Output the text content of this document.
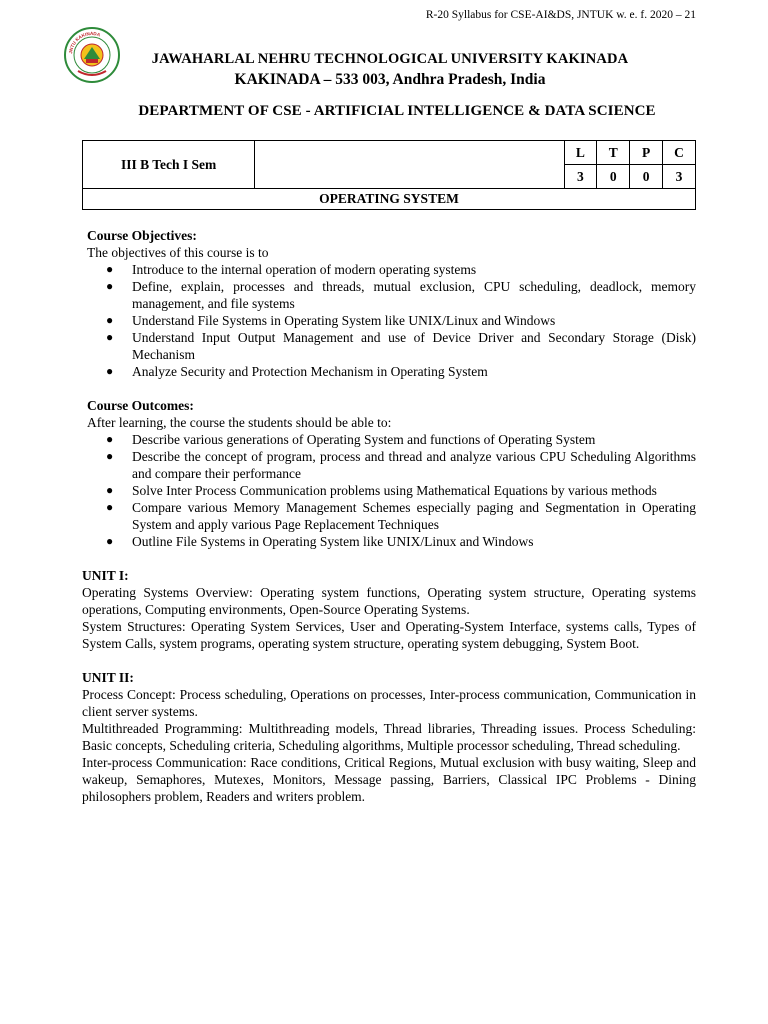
R-20 Syllabus for CSE-AI&DS, JNTUK w. e. f. 2020 – 21
JNTU KAKINADA
JAWAHARLAL NEHRU TECHNOLOGICAL UNIVERSITY KAKINADA
KAKINADA – 533 003, Andhra Pradesh, India
DEPARTMENT OF CSE - ARTIFICIAL INTELLIGENCE & DATA SCIENCE
III B Tech I Sem		L	T	P	C
		3	0	0	3
OPERATING SYSTEM					
Course Objectives:
The objectives of this course is to
● Introduce to the internal operation of modern operating systems
● Define, explain, processes and threads, mutual exclusion, CPU scheduling, deadlock, memory management, and file systems
● Understand File Systems in Operating System like UNIX/Linux and Windows
● Understand Input Output Management and use of Device Driver and Secondary Storage (Disk) Mechanism
● Analyze Security and Protection Mechanism in Operating System
Course Outcomes:
After learning, the course the students should be able to:
● Describe various generations of Operating System and functions of Operating System
● Describe the concept of program, process and thread and analyze various CPU Scheduling Algorithms and compare their performance
● Solve Inter Process Communication problems using Mathematical Equations by various methods
● Compare various Memory Management Schemes especially paging and Segmentation in Operating System and apply various Page Replacement Techniques
● Outline File Systems in Operating System like UNIX/Linux and Windows
UNIT I:

Operating Systems Overview: Operating system functions, Operating system structure, Operating systems operations, Computing environments, Open-Source Operating Systems.

System Structures: Operating System Services, User and Operating-System Interface, systems calls, Types of System Calls, system programs, operating system structure, operating system debugging, System Boot.

UNIT II:

Process Concept: Process scheduling, Operations on processes, Inter-process communication, Communication in client server systems.

Multithreaded Programming: Multithreading models, Thread libraries, Threading issues. Process Scheduling: Basic concepts, Scheduling criteria, Scheduling algorithms, Multiple processor scheduling, Thread scheduling.

Inter-process Communication: Race conditions, Critical Regions, Mutual exclusion with busy waiting, Sleep and wakeup, Semaphores, Mutexes, Monitors, Message passing, Barriers, Classical IPC Problems - Dining philosophers problem, Readers and writers problem.
